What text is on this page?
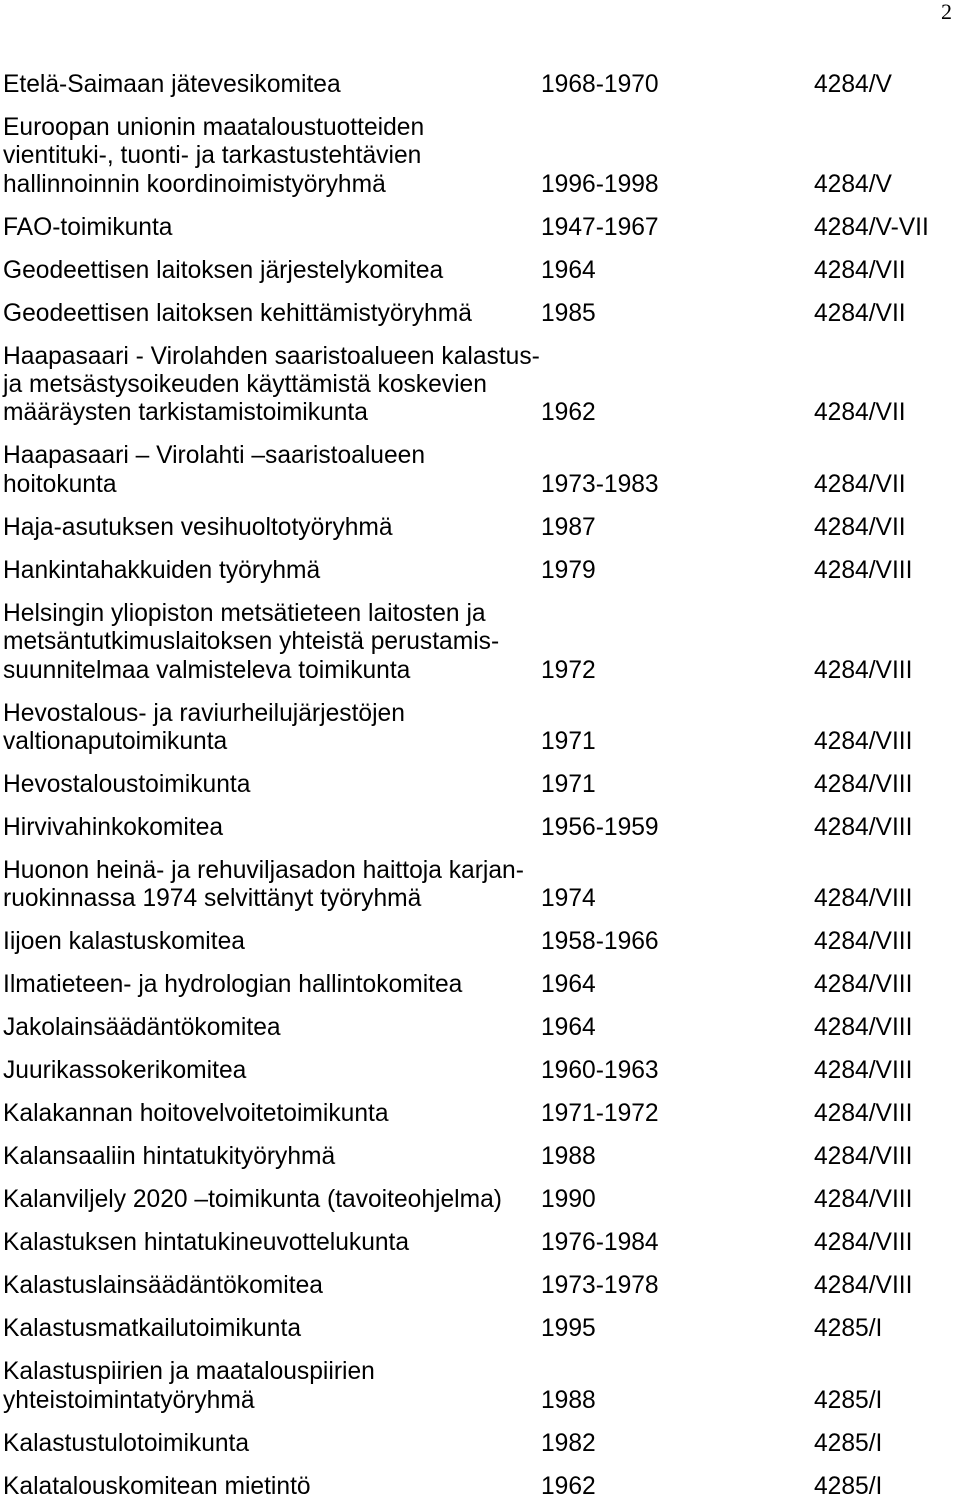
2
Etelä-Saimaan jätevesikomitea	1968-1970	4284/V
Euroopan unionin maataloustuotteiden
vientituki-, tuonti- ja tarkastustehtävien
hallinnoinnin koordinoimistyöryhmä	1996-1998	4284/V
FAO-toimikunta	1947-1967	4284/V-VII
Geodeettisen laitoksen järjestelykomitea	1964	4284/VII
Geodeettisen laitoksen kehittämistyöryhmä	1985	4284/VII
Haapasaari - Virolahden saaristoalueen kalastus-
ja metsästysoikeuden käyttämistä koskevien
määräysten tarkistamistoimikunta	1962	4284/VII
Haapasaari – Virolahti –saaristoalueen
hoitokunta	1973-1983	4284/VII
Haja-asutuksen vesihuoltotyöryhmä	1987	4284/VII
Hankintahakkuiden työryhmä	1979	4284/VIII
Helsingin yliopiston metsätieteen laitosten ja
metsäntutkimuslaitoksen yhteistä perustamis-
suunnitelmaa valmisteleva toimikunta	1972	4284/VIII
Hevostalous- ja raviurheilujärjestöjen
valtionaputoimikunta	1971	4284/VIII
Hevostaloustoimikunta	1971	4284/VIII
Hirvivahinkokomitea	1956-1959	4284/VIII
Huonon heinä- ja rehuviljasadon haittoja karjan-
ruokinnassa 1974 selvittänyt työryhmä	1974	4284/VIII
Iijoen kalastuskomitea	1958-1966	4284/VIII
Ilmatieteen- ja hydrologian hallintokomitea	1964	4284/VIII
Jakolainsäädäntökomitea	1964	4284/VIII
Juurikassokerikomitea	1960-1963	4284/VIII
Kalakannan hoitovelvoitetoimikunta	1971-1972	4284/VIII
Kalansaaliin hintatukityöryhmä	1988	4284/VIII
Kalanviljely 2020 –toimikunta (tavoiteohjelma)	1990	4284/VIII
Kalastuksen hintatukineuvottelukunta	1976-1984	4284/VIII
Kalastuslainsäädäntökomitea	1973-1978	4284/VIII
Kalastusmatkailutoimikunta	1995	4285/I
Kalastuspiirien ja maatalouspiirien
yhteistoimintatyöryhmä	1988	4285/I
Kalastustulotoimikunta	1982	4285/I
Kalatalouskomitean mietintö	1962	4285/I
